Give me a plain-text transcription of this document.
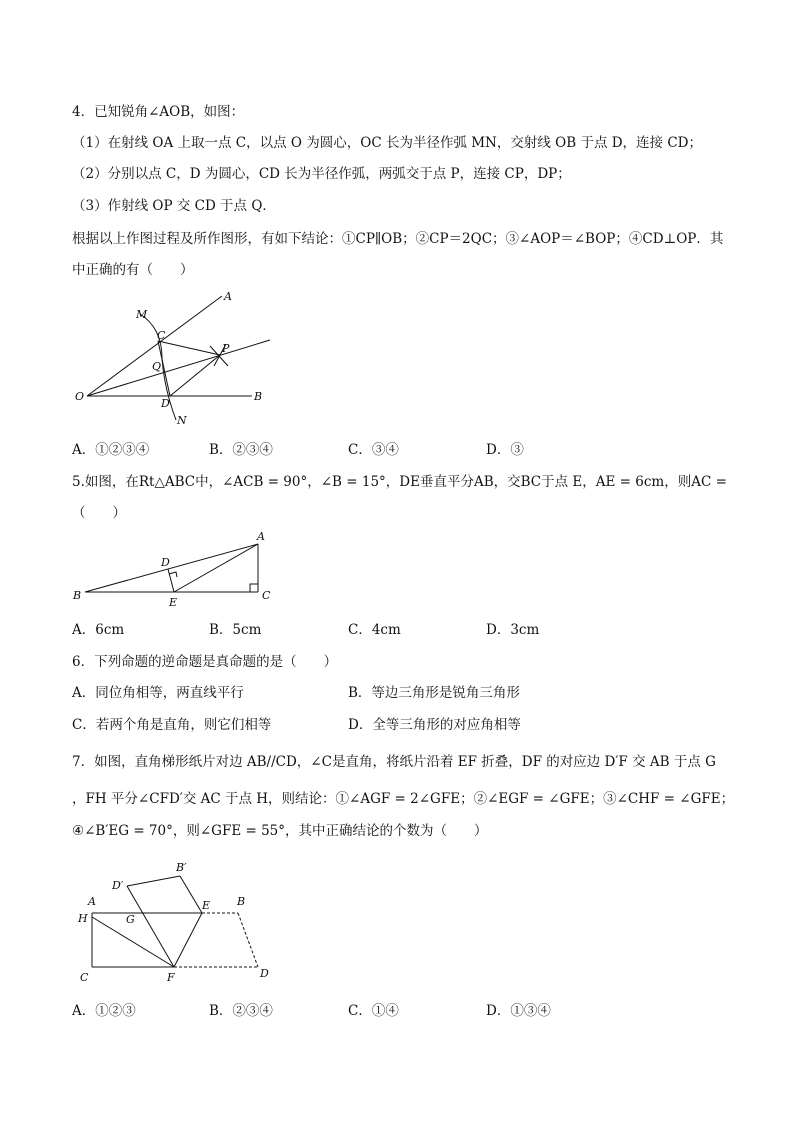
4．已知锐角∠AOB，如图：
（1）在射线 OA 上取一点 C，以点 O 为圆心，OC 长为半径作弧 MN，交射线 OB 于点 D，连接 CD；
（2）分别以点 C，D 为圆心，CD 长为半径作弧，两弧交于点 P，连接 CP，DP；
（3）作射线 OP 交 CD 于点 Q．
根据以上作图过程及所作图形，有如下结论：①CP∥OB；②CP＝2QC；③∠AOP＝∠BOP；④CD⊥OP．其
中正确的有（　　）
A
M
C
P
Q
O
D
B
N
A．①②③④	B．②③④	C．③④	D．③
5.如图，在Rt△ABC中，∠ACB = 90°，∠B = 15°，DE垂直平分AB，交BC于点 E，AE = 6cm，则AC =
（　　）
A
D
B
E
C
A．6cm	B．5cm	C．4cm	D．3cm
6．下列命题的逆命题是真命题的是（　　）
A．同位角相等，两直线平行	B．等边三角形是锐角三角形
C．若两个角是直角，则它们相等	D．全等三角形的对应角相等
7．如图，直角梯形纸片对边 AB//CD，∠C是直角，将纸片沿着 EF 折叠，DF 的对应边 D′F 交 AB 于点 G
，FH 平分∠CFD′交 AC 于点 H，则结论：①∠AGF = 2∠GFE；②∠EGF = ∠GFE；③∠CHF = ∠GFE；
④∠B′EG = 70°，则∠GFE = 55°，其中正确结论的个数为（　　）
B′
D′
A	E B
H	G
C	F	D
A．①②③	B．②③④	C．①④	D．①③④
